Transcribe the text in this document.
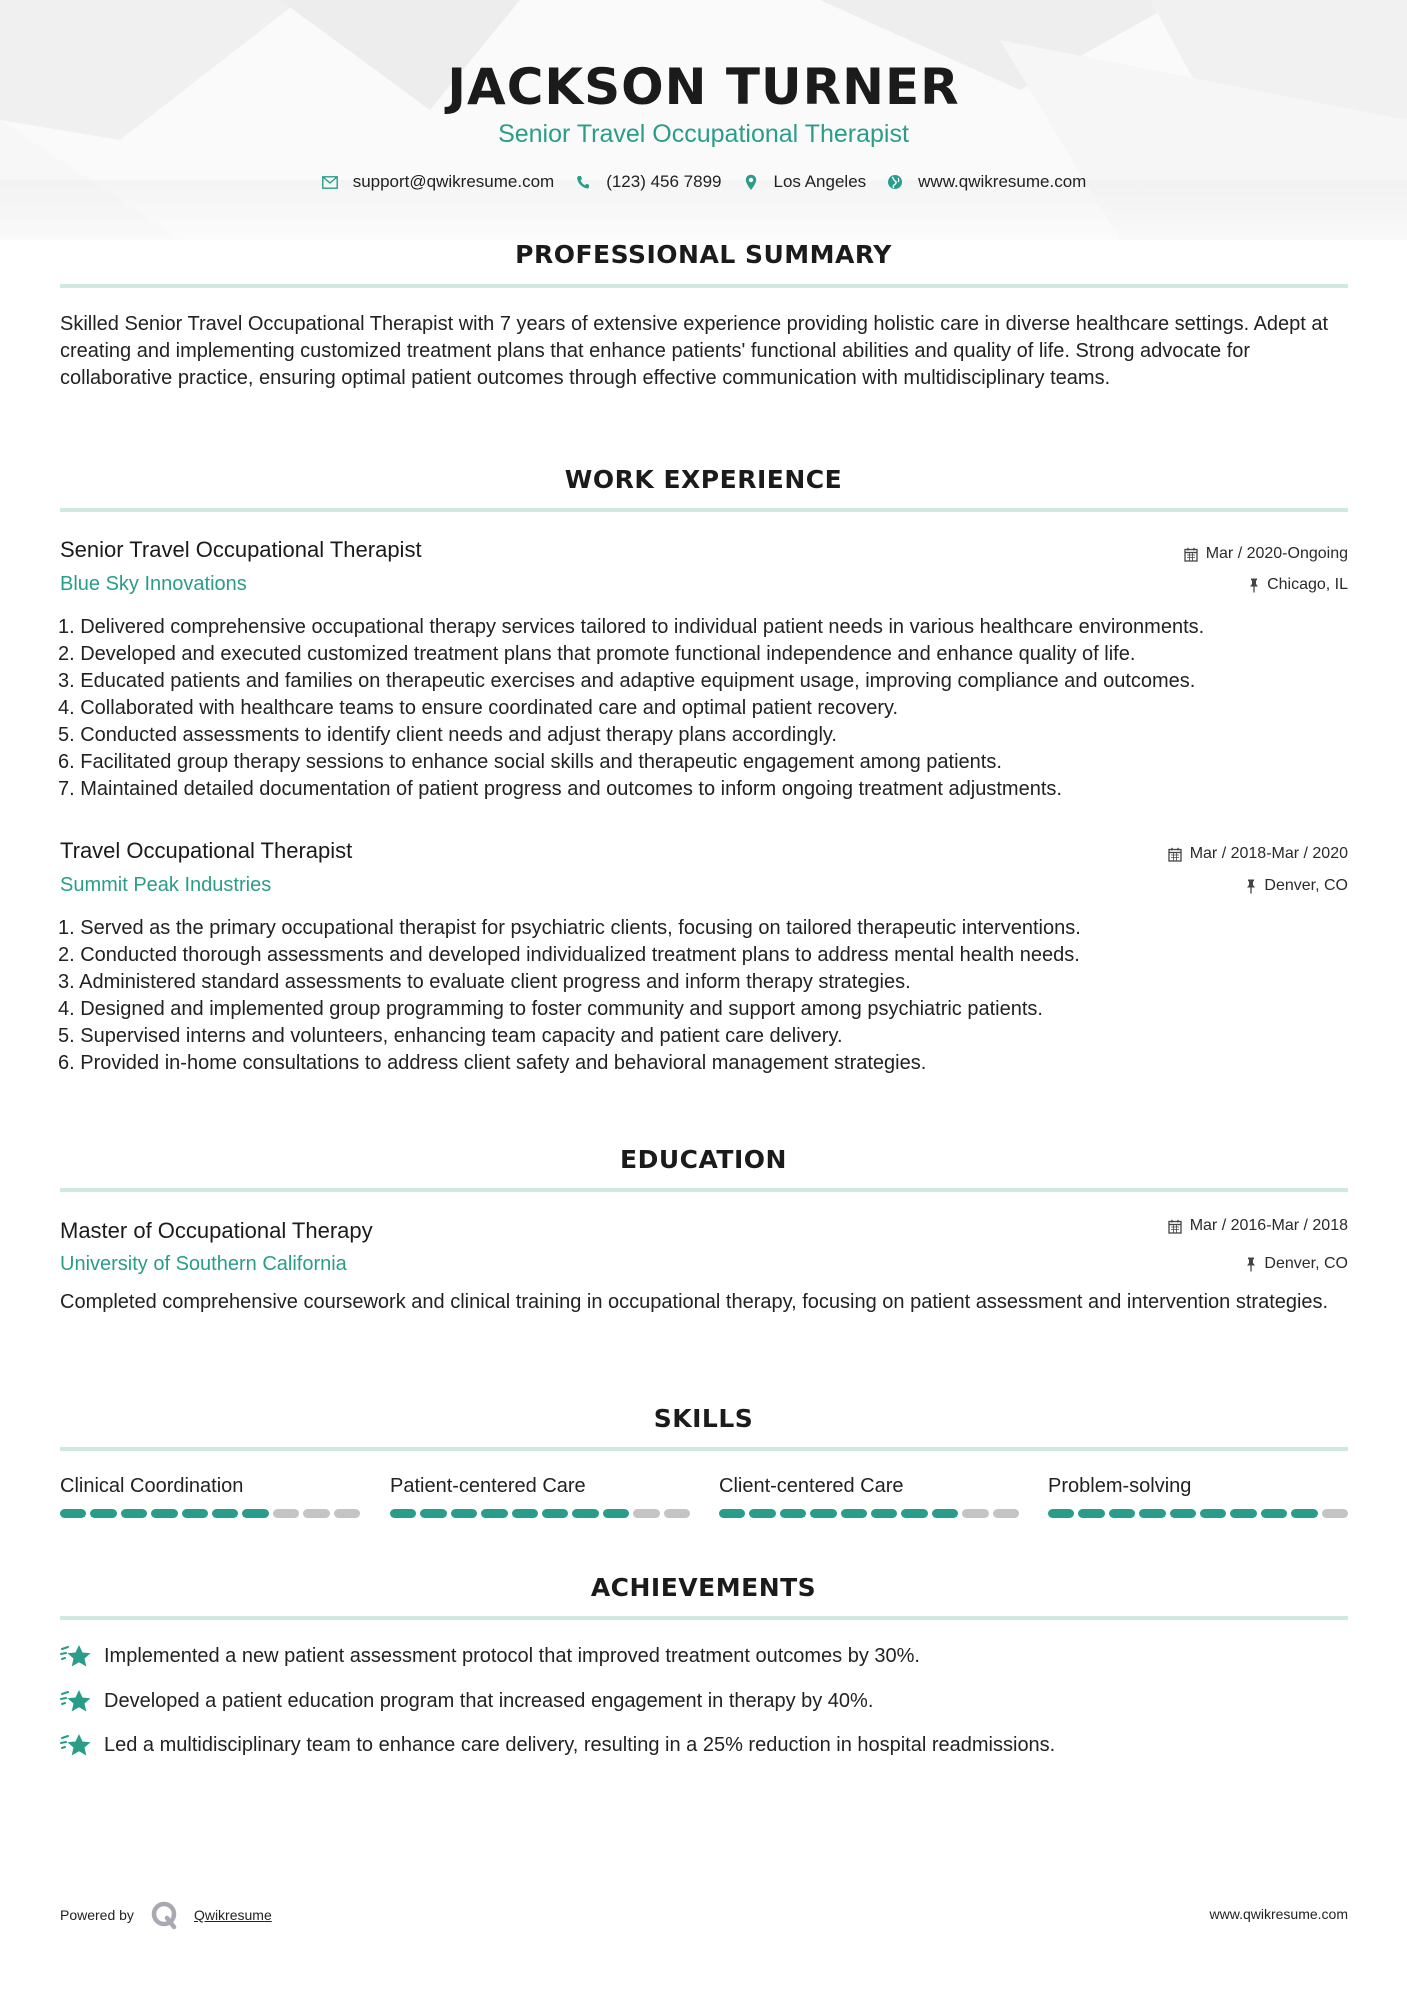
JACKSON TURNER
Senior Travel Occupational Therapist
support@qwikresume.com	(123) 456 7899	Los Angeles	www.qwikresume.com
PROFESSIONAL SUMMARY
Skilled Senior Travel Occupational Therapist with 7 years of extensive experience providing holistic care in diverse healthcare settings. Adept at creating and implementing customized treatment plans that enhance patients' functional abilities and quality of life. Strong advocate for collaborative practice, ensuring optimal patient outcomes through effective communication with multidisciplinary teams.
WORK EXPERIENCE
Senior Travel Occupational Therapist	Mar / 2020-Ongoing
Blue Sky Innovations	Chicago, IL
1. Delivered comprehensive occupational therapy services tailored to individual patient needs in various healthcare environments.
2. Developed and executed customized treatment plans that promote functional independence and enhance quality of life.
3. Educated patients and families on therapeutic exercises and adaptive equipment usage, improving compliance and outcomes.
4. Collaborated with healthcare teams to ensure coordinated care and optimal patient recovery.
5. Conducted assessments to identify client needs and adjust therapy plans accordingly.
6. Facilitated group therapy sessions to enhance social skills and therapeutic engagement among patients.
7. Maintained detailed documentation of patient progress and outcomes to inform ongoing treatment adjustments.
Travel Occupational Therapist	Mar / 2018-Mar / 2020
Summit Peak Industries	Denver, CO
1. Served as the primary occupational therapist for psychiatric clients, focusing on tailored therapeutic interventions.
2. Conducted thorough assessments and developed individualized treatment plans to address mental health needs.
3. Administered standard assessments to evaluate client progress and inform therapy strategies.
4. Designed and implemented group programming to foster community and support among psychiatric patients.
5. Supervised interns and volunteers, enhancing team capacity and patient care delivery.
6. Provided in-home consultations to address client safety and behavioral management strategies.
EDUCATION
Master of Occupational Therapy	Mar / 2016-Mar / 2018
University of Southern California	Denver, CO
Completed comprehensive coursework and clinical training in occupational therapy, focusing on patient assessment and intervention strategies.
SKILLS
Clinical Coordination	Patient-centered Care	Client-centered Care	Problem-solving
ACHIEVEMENTS
Implemented a new patient assessment protocol that improved treatment outcomes by 30%.
Developed a patient education program that increased engagement in therapy by 40%.
Led a multidisciplinary team to enhance care delivery, resulting in a 25% reduction in hospital readmissions.
Powered by	Qwikresume	www.qwikresume.com
